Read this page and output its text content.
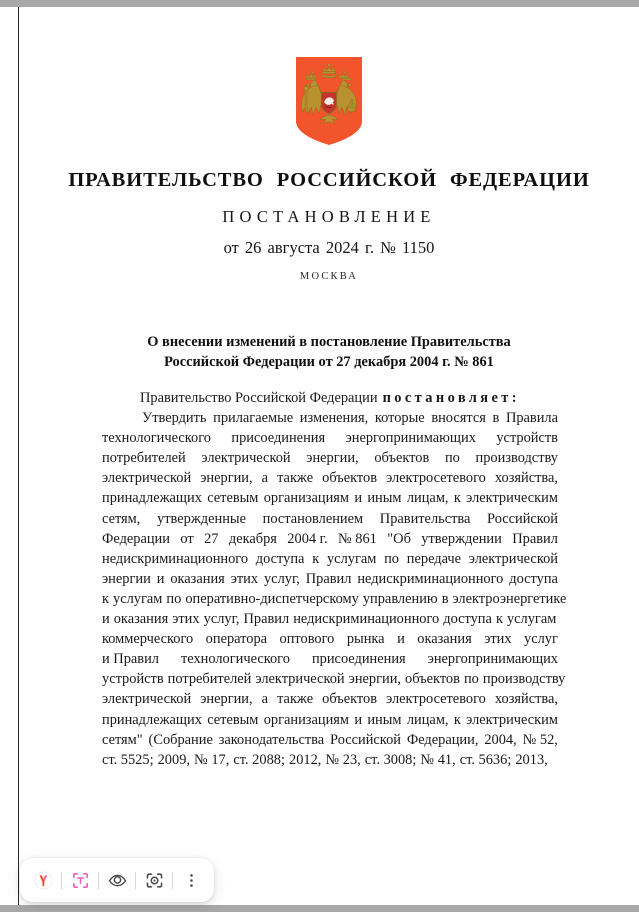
ПРАВИТЕЛЬСТВО РОССИЙСКОЙ ФЕДЕРАЦИИ
ПОСТАНОВЛЕНИЕ
от 26 августа 2024 г. № 1150
МОСКВА
О внесении изменений в постановление Правительства
Российской Федерации от 27 декабря 2004 г. № 861
Правительство Российской Федерации постановляет:
Утвердить прилагаемые изменения, которые вносятся в Правила
технологического присоединения энергопринимающих устройств
потребителей электрической энергии, объектов по производству
электрической энергии, а также объектов электросетевого хозяйства,
принадлежащих сетевым организациям и иным лицам, к электрическим
сетям, утвержденные постановлением Правительства Российской
Федерации от 27 декабря 2004 г. № 861 "Об утверждении Правил
недискриминационного доступа к услугам по передаче электрической
энергии и оказания этих услуг, Правил недискриминационного доступа
к услугам по оперативно-диспетчерскому управлению в электроэнергетике
и оказания этих услуг, Правил недискриминационного доступа к услугам
коммерческого оператора оптового рынка и оказания этих услуг
и Правил технологического присоединения энергопринимающих
устройств потребителей электрической энергии, объектов по производству
электрической энергии, а также объектов электросетевого хозяйства,
принадлежащих сетевым организациям и иным лицам, к электрическим
сетям" (Собрание законодательства Российской Федерации, 2004, № 52,
ст. 5525; 2009, № 17, ст. 2088; 2012, № 23, ст. 3008; № 41, ст. 5636; 2013,
